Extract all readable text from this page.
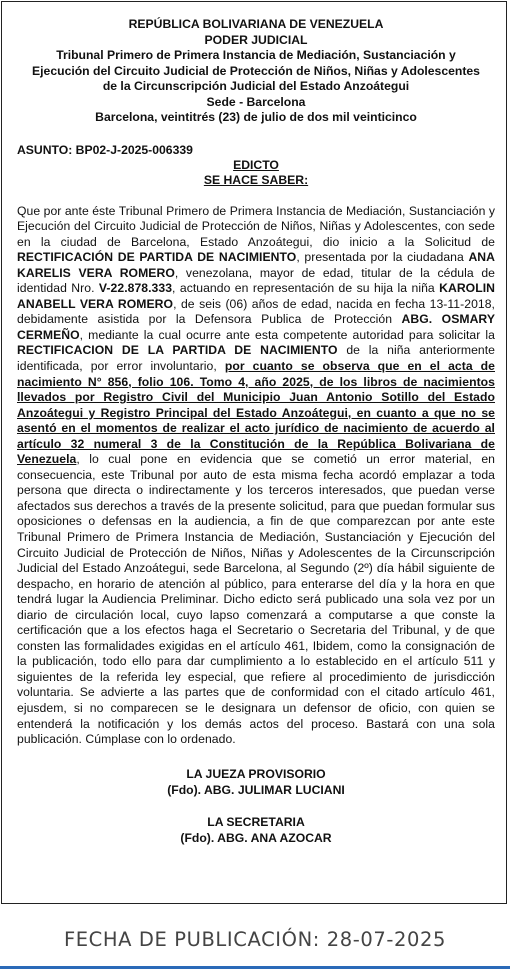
REPÚBLICA BOLIVARIANA DE VENEZUELA
PODER JUDICIAL
Tribunal Primero de Primera Instancia de Mediación, Sustanciación y
Ejecución del Circuito Judicial de Protección de Niños, Niñas y Adolescentes
de la Circunscripción Judicial del Estado Anzoátegui
Sede - Barcelona
Barcelona, veintitrés (23) de julio de dos mil veinticinco
ASUNTO: BP02-J-2025-006339
EDICTO
SE HACE SABER:
Que por ante éste Tribunal Primero de Primera Instancia de Mediación, Sustanciación y Ejecución del Circuito Judicial de Protección de Niños, Niñas y Adolescentes, con sede en la ciudad de Barcelona, Estado Anzoátegui, dio inicio a la Solicitud de RECTIFICACIÓN DE PARTIDA DE NACIMIENTO, presentada por la ciudadana ANA KARELIS VERA ROMERO, venezolana, mayor de edad, titular de la cédula de identidad Nro. V-22.878.333, actuando en representación de su hija la niña KAROLIN ANABELL VERA ROMERO, de seis (06) años de edad, nacida en fecha 13-11-2018, debidamente asistida por la Defensora Publica de Protección ABG. OSMARY CERMEÑO, mediante la cual ocurre ante esta competente autoridad para solicitar la RECTIFICACION DE LA PARTIDA DE NACIMIENTO de la niña anteriormente identificada, por error involuntario, por cuanto se observa que en el acta de nacimiento N° 856, folio 106. Tomo 4, año 2025, de los libros de nacimientos llevados por Registro Civil del Municipio Juan Antonio Sotillo del Estado Anzoátegui y Registro Principal del Estado Anzoátegui, en cuanto a que no se asentó en el momentos de realizar el acto jurídico de nacimiento de acuerdo al artículo 32 numeral 3 de la Constitución de la República Bolivariana de Venezuela, lo cual pone en evidencia que se cometió un error material, en consecuencia, este Tribunal por auto de esta misma fecha acordó emplazar a toda persona que directa o indirectamente y los terceros interesados, que puedan verse afectados sus derechos a través de la presente solicitud, para que puedan formular sus oposiciones o defensas en la audiencia, a fin de que comparezcan por ante este Tribunal Primero de Primera Instancia de Mediación, Sustanciación y Ejecución del Circuito Judicial de Protección de Niños, Niñas y Adolescentes de la Circunscripción Judicial del Estado Anzoátegui, sede Barcelona, al Segundo (2º) día hábil siguiente de despacho, en horario de atención al público, para enterarse del día y la hora en que tendrá lugar la Audiencia Preliminar. Dicho edicto será publicado una sola vez por un diario de circulación local, cuyo lapso comenzará a computarse a que conste la certificación que a los efectos haga el Secretario o Secretaria del Tribunal, y de que consten las formalidades exigidas en el artículo 461, Ibidem, como la consignación de la publicación, todo ello para dar cumplimiento a lo establecido en el artículo 511 y siguientes de la referida ley especial, que refiere al procedimiento de jurisdicción voluntaria. Se advierte a las partes que de conformidad con el citado artículo 461, ejusdem, si no comparecen se le designara un defensor de oficio, con quien se entenderá la notificación y los demás actos del proceso. Bastará con una sola publicación. Cúmplase con lo ordenado.
LA JUEZA PROVISORIO
(Fdo). ABG. JULIMAR LUCIANI
LA SECRETARIA
(Fdo). ABG. ANA AZOCAR
FECHA DE PUBLICACIÓN: 28-07-2025
